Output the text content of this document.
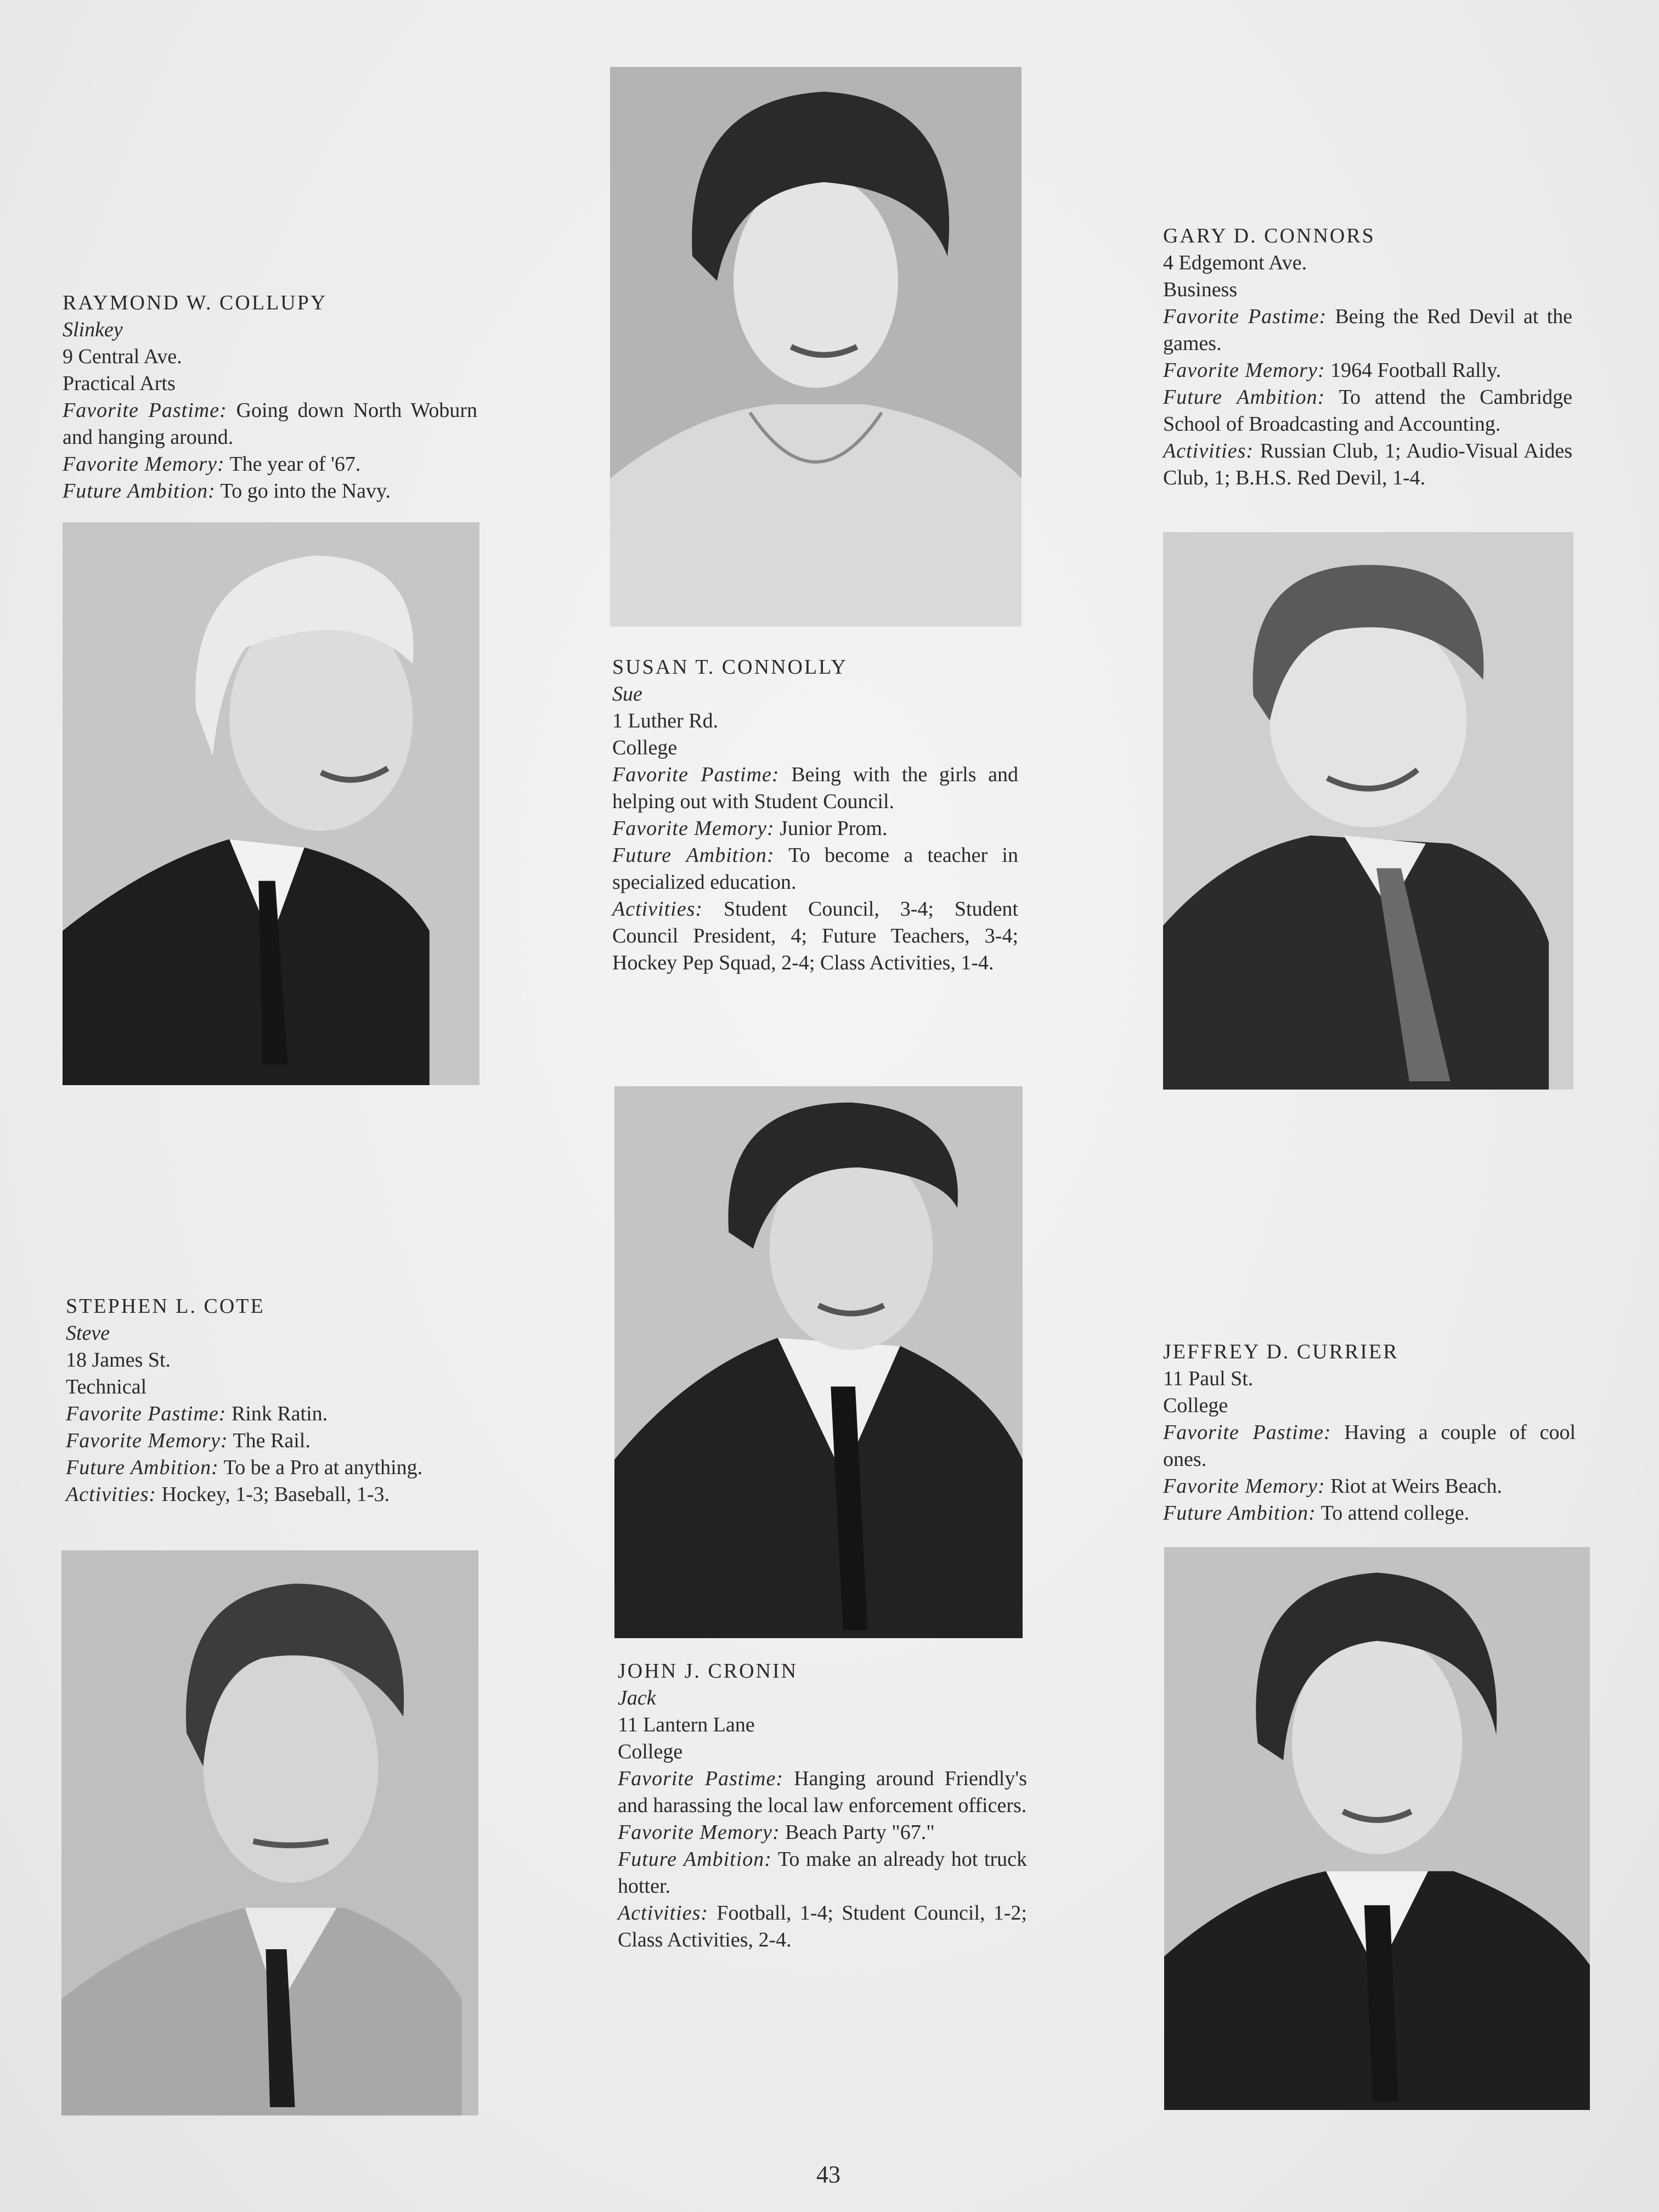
RAYMOND W. COLLUPY
Slinkey
9 Central Ave.
Practical Arts
Favorite Pastime: Going down North Woburn and hanging around.
Favorite Memory: The year of '67.
Future Ambition: To go into the Navy.
SUSAN T. CONNOLLY
Sue
1 Luther Rd.
College
Favorite Pastime: Being with the girls and helping out with Student Council.
Favorite Memory: Junior Prom.
Future Ambition: To become a teacher in specialized education.
Activities: Student Council, 3-4; Student Council President, 4; Future Teachers, 3-4; Hockey Pep Squad, 2-4; Class Activities, 1-4.
GARY D. CONNORS
4 Edgemont Ave.
Business
Favorite Pastime: Being the Red Devil at the games.
Favorite Memory: 1964 Football Rally.
Future Ambition: To attend the Cambridge School of Broadcasting and Accounting.
Activities: Russian Club, 1; Audio-Visual Aides Club, 1; B.H.S. Red Devil, 1-4.
STEPHEN L. COTE
Steve
18 James St.
Technical
Favorite Pastime: Rink Ratin.
Favorite Memory: The Rail.
Future Ambition: To be a Pro at anything.
Activities: Hockey, 1-3; Baseball, 1-3.
JOHN J. CRONIN
Jack
11 Lantern Lane
College
Favorite Pastime: Hanging around Friendly's and harassing the local law enforcement officers.
Favorite Memory: Beach Party "67."
Future Ambition: To make an already hot truck hotter.
Activities: Football, 1-4; Student Council, 1-2; Class Activities, 2-4.
JEFFREY D. CURRIER
11 Paul St.
College
Favorite Pastime: Having a couple of cool ones.
Favorite Memory: Riot at Weirs Beach.
Future Ambition: To attend college.
43
